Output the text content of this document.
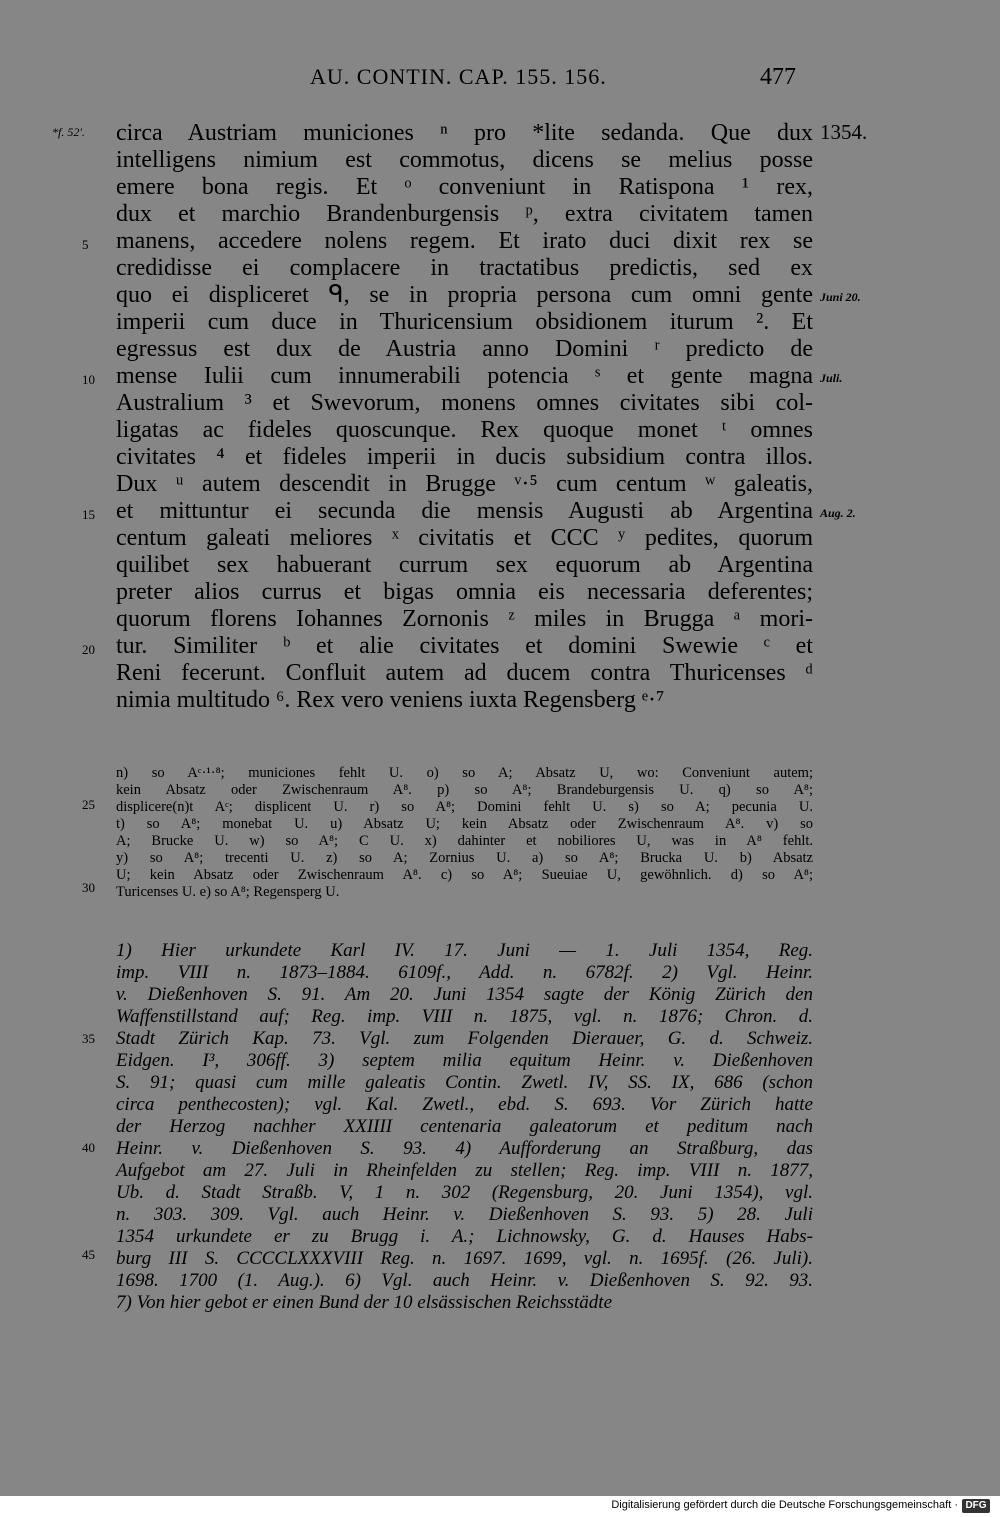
AU. CONTIN. CAP. 155. 156.	477
*f. 52'.	1354.
Juni 20.
Juli.
Aug. 2.
5
10
15
20
25
30
35
40
45
circa Austriam municiones ⁿ pro *lite sedanda. Que dux
intelligens nimium est commotus, dicens se melius posse
emere bona regis. Et ᵒ conveniunt in Ratispona ¹ rex,
dux et marchio Brandenburgensis ᵖ, extra civitatem tamen
manens, accedere nolens regem. Et irato duci dixit rex se
credidisse ei complacere in tractatibus predictis, sed ex
quo ei displiceret ᑫ, se in propria persona cum omni gente
imperii cum duce in Thuricensium obsidionem iturum ². Et
egressus est dux de Austria anno Domini ʳ predicto de
mense Iulii cum innumerabili potencia ˢ et gente magna
Australium ³ et Swevorum, monens omnes civitates sibi col-
ligatas ac fideles quoscunque. Rex quoque monet ᵗ omnes
civitates ⁴ et fideles imperii in ducis subsidium contra illos.
Dux ᵘ autem descendit in Brugge ᵛ·⁵ cum centum ʷ galeatis,
et mittuntur ei secunda die mensis Augusti ab Argentina
centum galeati meliores ˣ civitatis et CCC ʸ pedites, quorum
quilibet sex habuerant currum sex equorum ab Argentina
preter alios currus et bigas omnia eis necessaria deferentes;
quorum florens Iohannes Zornonis ᶻ miles in Brugga ᵃ mori-
tur. Similiter ᵇ et alie civitates et domini Swewie ᶜ et
Reni fecerunt. Confluit autem ad ducem contra Thuricenses ᵈ
nimia multitudo ⁶. Rex vero veniens iuxta Regensberg ᵉ·⁷
n) so Aᶜ·¹·⁸; municiones fehlt U. o) so A; Absatz U, wo: Conveniunt autem;
kein Absatz oder Zwischenraum A⁸. p) so A⁸; Brandeburgensis U. q) so A⁸;
displicere(n)t Aᶜ; displicent U. r) so A⁸; Domini fehlt U. s) so A; pecunia U.
t) so A⁸; monebat U. u) Absatz U; kein Absatz oder Zwischenraum A⁸. v) so
A; Brucke U. w) so A⁸; C U. x) dahinter et nobiliores U, was in A⁸ fehlt.
y) so A⁸; trecenti U. z) so A; Zornius U. a) so A⁸; Brucka U. b) Absatz
U; kein Absatz oder Zwischenraum A⁸. c) so A⁸; Sueuiae U, gewöhnlich. d) so A⁸;
Turicenses U. e) so A⁸; Regensperg U.
1) Hier urkundete Karl IV. 17. Juni — 1. Juli 1354, Reg.
imp. VIII n. 1873–1884. 6109f., Add. n. 6782f. 2) Vgl. Heinr.
v. Dießenhoven S. 91. Am 20. Juni 1354 sagte der König Zürich den
Waffenstillstand auf; Reg. imp. VIII n. 1875, vgl. n. 1876; Chron. d.
Stadt Zürich Kap. 73. Vgl. zum Folgenden Dierauer, G. d. Schweiz.
Eidgen. I³, 306ff. 3) septem milia equitum Heinr. v. Dießenhoven
S. 91; quasi cum mille galeatis Contin. Zwetl. IV, SS. IX, 686 (schon
circa penthecosten); vgl. Kal. Zwetl., ebd. S. 693. Vor Zürich hatte
der Herzog nachher XXIIII centenaria galeatorum et peditum nach
Heinr. v. Dießenhoven S. 93. 4) Aufforderung an Straßburg, das
Aufgebot am 27. Juli in Rheinfelden zu stellen; Reg. imp. VIII n. 1877,
Ub. d. Stadt Straßb. V, 1 n. 302 (Regensburg, 20. Juni 1354), vgl.
n. 303. 309. Vgl. auch Heinr. v. Dießenhoven S. 93. 5) 28. Juli
1354 urkundete er zu Brugg i. A.; Lichnowsky, G. d. Hauses Habs-
burg III S. CCCCLXXXVIII Reg. n. 1697. 1699, vgl. n. 1695f. (26. Juli).
1698. 1700 (1. Aug.). 6) Vgl. auch Heinr. v. Dießenhoven S. 92. 93.
7) Von hier gebot er einen Bund der 10 elsässischen Reichsstädte
Digitalisierung gefördert durch die Deutsche Forschungsgemeinschaft · DFG
